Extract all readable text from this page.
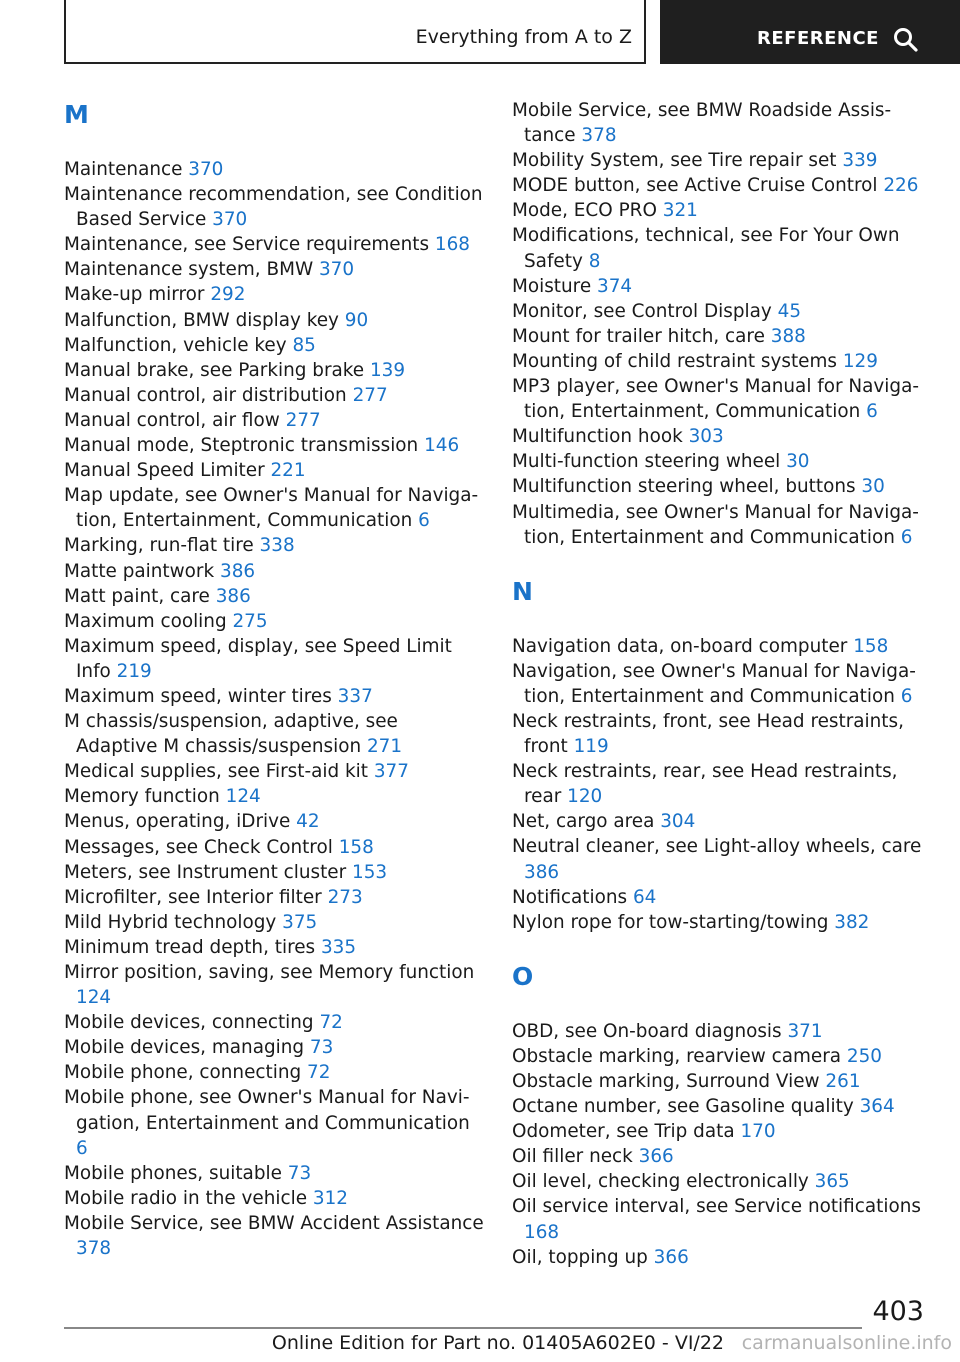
Everything from A to Z	REFERENCE
M
Maintenance 370
Maintenance recommendation, see Condition Based Service 370
Maintenance, see Service requirements 168
Maintenance system, BMW 370
Make-up mirror 292
Malfunction, BMW display key 90
Malfunction, vehicle key 85
Manual brake, see Parking brake 139
Manual control, air distribution 277
Manual control, air flow 277
Manual mode, Steptronic transmission 146
Manual Speed Limiter 221
Map update, see Owner's Manual for Navigation, Entertainment, Communication 6
Marking, run-flat tire 338
Matte paintwork 386
Matt paint, care 386
Maximum cooling 275
Maximum speed, display, see Speed Limit Info 219
Maximum speed, winter tires 337
M chassis/suspension, adaptive, see Adaptive M chassis/suspension 271
Medical supplies, see First-aid kit 377
Memory function 124
Menus, operating, iDrive 42
Messages, see Check Control 158
Meters, see Instrument cluster 153
Microfilter, see Interior filter 273
Mild Hybrid technology 375
Minimum tread depth, tires 335
Mirror position, saving, see Memory function 124
Mobile devices, connecting 72
Mobile devices, managing 73
Mobile phone, connecting 72
Mobile phone, see Owner's Manual for Navigation, Entertainment and Communication 6
Mobile phones, suitable 73
Mobile radio in the vehicle 312
Mobile Service, see BMW Accident Assistance 378
Mobile Service, see BMW Roadside Assistance 378
Mobility System, see Tire repair set 339
MODE button, see Active Cruise Control 226
Mode, ECO PRO 321
Modifications, technical, see For Your Own Safety 8
Moisture 374
Monitor, see Control Display 45
Mount for trailer hitch, care 388
Mounting of child restraint systems 129
MP3 player, see Owner's Manual for Navigation, Entertainment, Communication 6
Multifunction hook 303
Multi-function steering wheel 30
Multifunction steering wheel, buttons 30
Multimedia, see Owner's Manual for Navigation, Entertainment and Communication 6
N
Navigation data, on-board computer 158
Navigation, see Owner's Manual for Navigation, Entertainment and Communication 6
Neck restraints, front, see Head restraints, front 119
Neck restraints, rear, see Head restraints, rear 120
Net, cargo area 304
Neutral cleaner, see Light-alloy wheels, care 386
Notifications 64
Nylon rope for tow-starting/towing 382
O
OBD, see On-board diagnosis 371
Obstacle marking, rearview camera 250
Obstacle marking, Surround View 261
Octane number, see Gasoline quality 364
Odometer, see Trip data 170
Oil filler neck 366
Oil level, checking electronically 365
Oil service interval, see Service notifications 168
Oil, topping up 366
403
Online Edition for Part no. 01405A602E0 - VI/22 carmanualsonline.info
